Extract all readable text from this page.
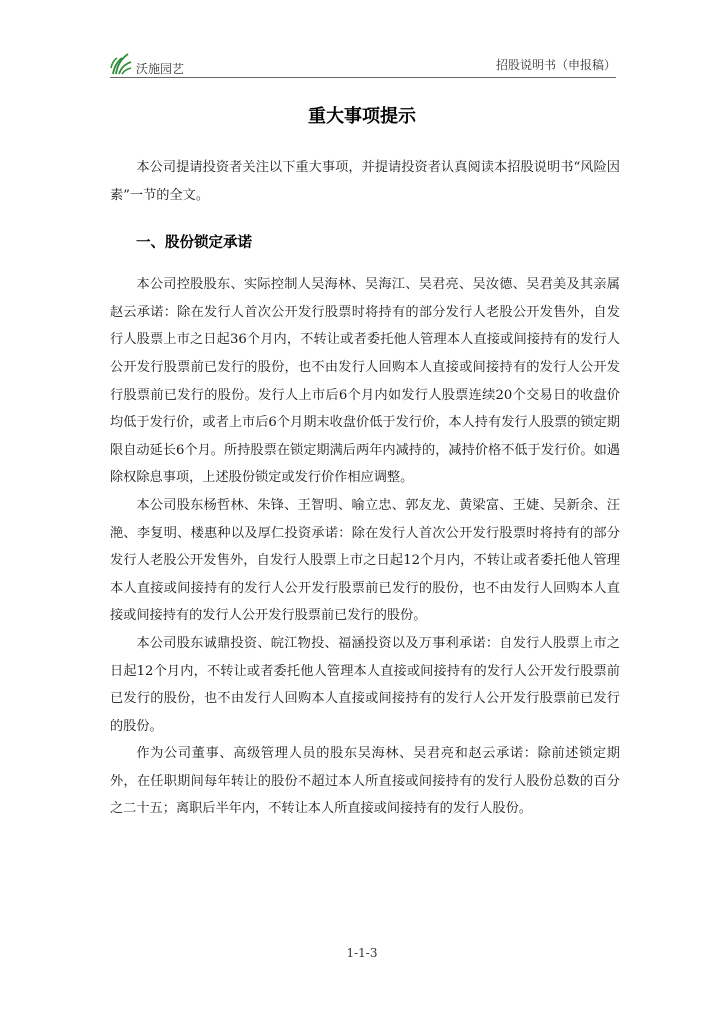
沃施园艺	招股说明书（申报稿）
重大事项提示

本公司提请投资者关注以下重大事项，并提请投资者认真阅读本招股说明书“风险因素”一节的全文。

一、股份锁定承诺

本公司控股股东、实际控制人吴海林、吴海江、吴君亮、吴汝德、吴君美及其亲属赵云承诺：除在发行人首次公开发行股票时将持有的部分发行人老股公开发售外，自发行人股票上市之日起36个月内，不转让或者委托他人管理本人直接或间接持有的发行人公开发行股票前已发行的股份，也不由发行人回购本人直接或间接持有的发行人公开发行股票前已发行的股份。发行人上市后6个月内如发行人股票连续20个交易日的收盘价均低于发行价，或者上市后6个月期末收盘价低于发行价，本人持有发行人股票的锁定期限自动延长6个月。所持股票在锁定期满后两年内减持的，减持价格不低于发行价。如遇除权除息事项，上述股份锁定或发行价作相应调整。

本公司股东杨哲林、朱锋、王智明、喻立忠、郭友龙、黄梁富、王婕、吴新余、汪滟、李复明、楼惠种以及厚仁投资承诺：除在发行人首次公开发行股票时将持有的部分发行人老股公开发售外，自发行人股票上市之日起12个月内，不转让或者委托他人管理本人直接或间接持有的发行人公开发行股票前已发行的股份，也不由发行人回购本人直接或间接持有的发行人公开发行股票前已发行的股份。

本公司股东诚鼎投资、皖江物投、福涵投资以及万事利承诺：自发行人股票上市之日起12个月内，不转让或者委托他人管理本人直接或间接持有的发行人公开发行股票前已发行的股份，也不由发行人回购本人直接或间接持有的发行人公开发行股票前已发行的股份。

作为公司董事、高级管理人员的股东吴海林、吴君亮和赵云承诺：除前述锁定期外，在任职期间每年转让的股份不超过本人所直接或间接持有的发行人股份总数的百分之二十五；离职后半年内，不转让本人所直接或间接持有的发行人股份。

1-1-3
